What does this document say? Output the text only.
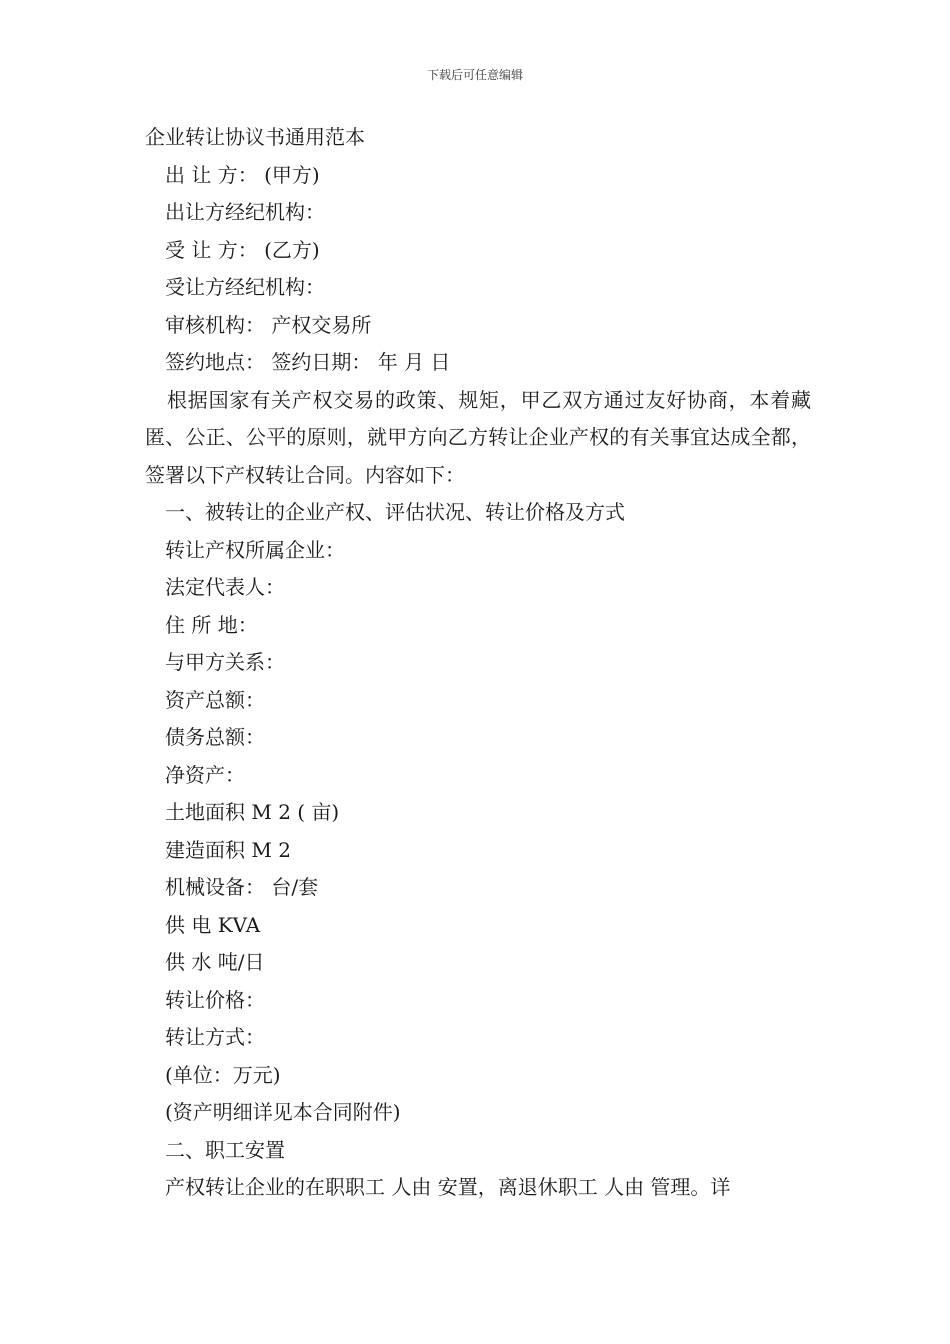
下载后可任意编辑
企业转让协议书通用范本
出 让 方： (甲方)
出让方经纪机构：
受 让 方： (乙方)
受让方经纪机构：
审核机构： 产权交易所
签约地点： 签约日期： 年 月 日
根据国家有关产权交易的政策、规矩，甲乙双方通过友好协商，本着藏匿、公正、公平的原则，就甲方向乙方转让企业产权的有关事宜达成全都，签署以下产权转让合同。内容如下：
一、被转让的企业产权、评估状况、转让价格及方式
转让产权所属企业：
法定代表人：
住 所 地：
与甲方关系：
资产总额：
债务总额：
净资产：
土地面积 M 2 ( 亩)
建造面积 M 2
机械设备： 台/套
供 电 KVA
供 水 吨/日
转让价格：
转让方式：
(单位：万元)
(资产明细详见本合同附件)
二、职工安置
产权转让企业的在职职工 人由 安置，离退休职工 人由 管理。详
